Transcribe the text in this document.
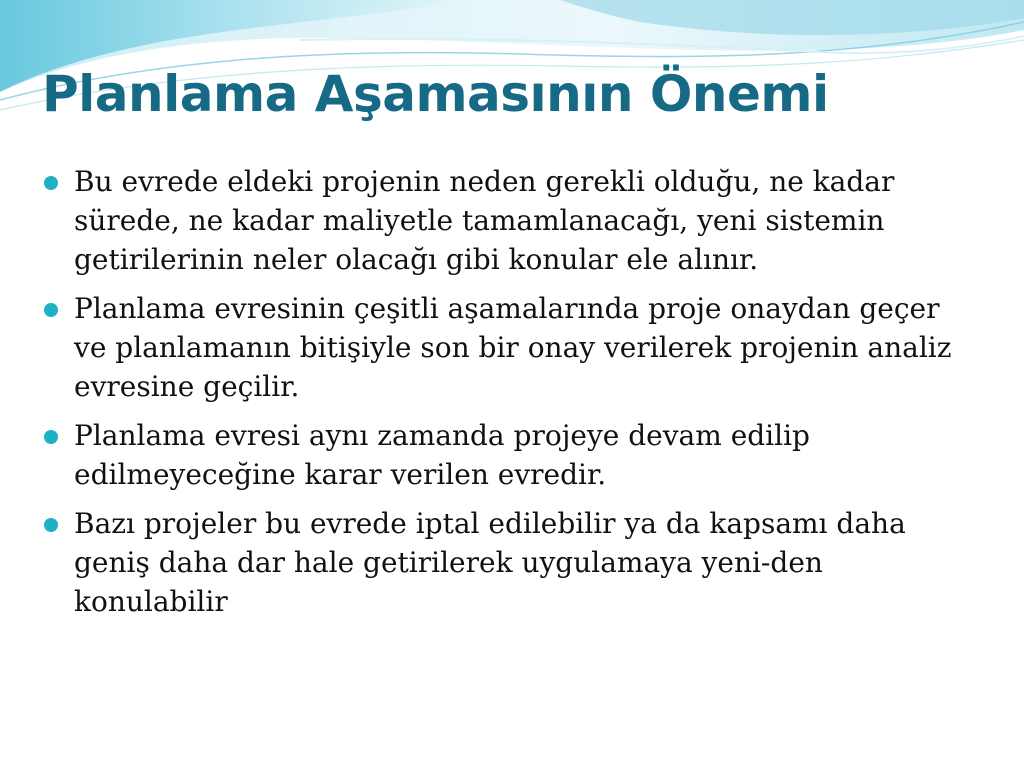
Planlama Aşamasının Önemi
Bu evrede eldeki projenin neden gerekli olduğu, ne kadar sürede, ne kadar maliyetle tamamlanacağı, yeni sistemin getirilerinin neler olacağı gibi konular ele alınır.
Planlama evresinin çeşitli aşamalarında proje onaydan geçer ve planlamanın bitişiyle son bir onay verilerek projenin analiz evresine geçilir.
Planlama evresi aynı zamanda projeye devam edilip edilmeyeceğine karar verilen evredir.
Bazı projeler bu evrede iptal edilebilir ya da kapsamı daha geniş daha dar hale getirilerek uygulamaya yeni-den konulabilir
